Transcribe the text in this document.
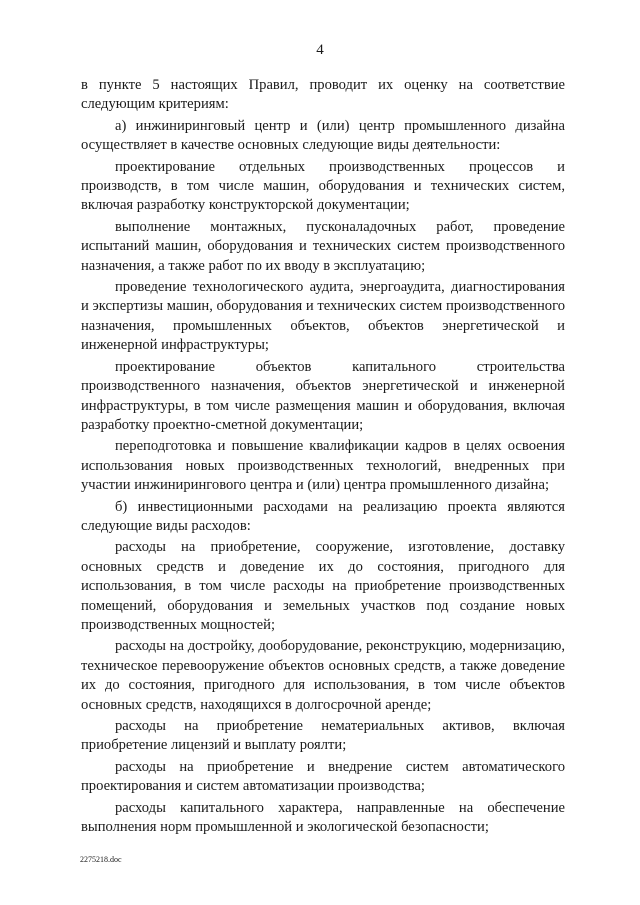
4

в пункте 5 настоящих Правил, проводит их оценку на соответствие следующим критериям:

а) инжиниринговый центр и (или) центр промышленного дизайна осуществляет в качестве основных следующие виды деятельности:

проектирование отдельных производственных процессов и производств, в том числе машин, оборудования и технических систем, включая разработку конструкторской документации;

выполнение монтажных, пусконаладочных работ, проведение испытаний машин, оборудования и технических систем производственного назначения, а также работ по их вводу в эксплуатацию;

проведение технологического аудита, энергоаудита, диагностирования и экспертизы машин, оборудования и технических систем производственного назначения, промышленных объектов, объектов энергетической и инженерной инфраструктуры;

проектирование объектов капитального строительства производственного назначения, объектов энергетической и инженерной инфраструктуры, в том числе размещения машин и оборудования, включая разработку проектно-сметной документации;

переподготовка и повышение квалификации кадров в целях освоения использования новых производственных технологий, внедренных при участии инжинирингового центра и (или) центра промышленного дизайна;

б) инвестиционными расходами на реализацию проекта являются следующие виды расходов:

расходы на приобретение, сооружение, изготовление, доставку основных средств и доведение их до состояния, пригодного для использования, в том числе расходы на приобретение производственных помещений, оборудования и земельных участков под создание новых производственных мощностей;

расходы на достройку, дооборудование, реконструкцию, модернизацию, техническое перевооружение объектов основных средств, а также доведение их до состояния, пригодного для использования, в том числе объектов основных средств, находящихся в долгосрочной аренде;

расходы на приобретение нематериальных активов, включая приобретение лицензий и выплату роялти;

расходы на приобретение и внедрение систем автоматического проектирования и систем автоматизации производства;

расходы капитального характера, направленные на обеспечение выполнения норм промышленной и экологической безопасности;

2275218.doc
